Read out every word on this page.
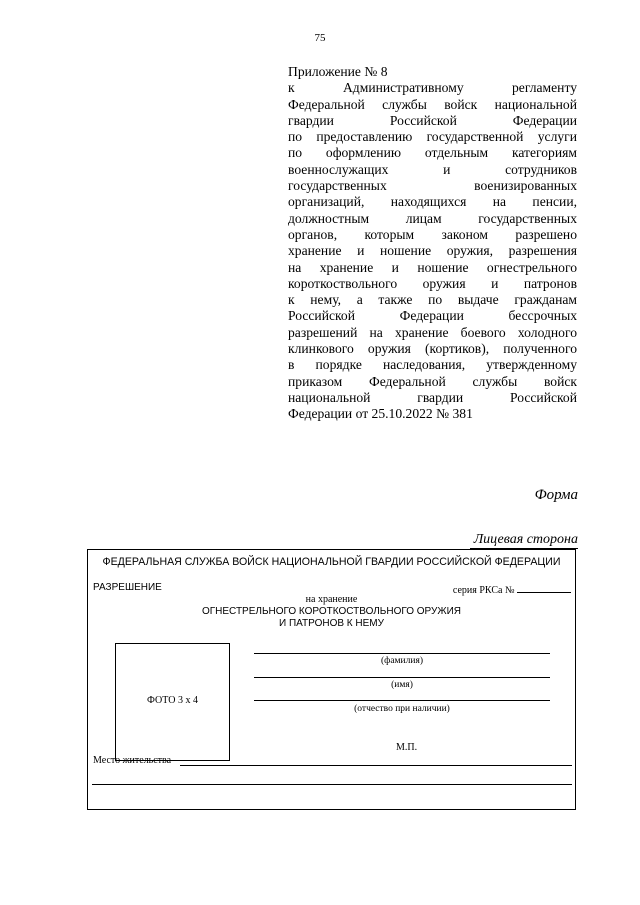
75
Приложение № 8
к Административному регламенту
Федеральной службы войск национальной
гвардии Российской Федерации
по предоставлению государственной услуги
по оформлению отдельным категориям
военнослужащих и сотрудников
государственных военизированных
организаций, находящихся на пенсии,
должностным лицам государственных
органов, которым законом разрешено
хранение и ношение оружия, разрешения
на хранение и ношение огнестрельного
короткоствольного оружия и патронов
к нему, а также по выдаче гражданам
Российской Федерации бессрочных
разрешений на хранение боевого холодного
клинкового оружия (кортиков), полученного
в порядке наследования, утвержденному
приказом Федеральной службы войск
национальной гвардии Российской
Федерации от 25.10.2022 № 381
Форма
Лицевая сторона
ФЕДЕРАЛЬНАЯ СЛУЖБА ВОЙСК НАЦИОНАЛЬНОЙ ГВАРДИИ РОССИЙСКОЙ ФЕДЕРАЦИИ
РАЗРЕШЕНИЕ	серия РКСа №
на хранение
ОГНЕСТРЕЛЬНОГО КОРОТКОСТВОЛЬНОГО ОРУЖИЯ
И ПАТРОНОВ К НЕМУ
ФОТО 3 х 4
(фамилия)
(имя)
(отчество при наличии)
М.П.
Место жительства
